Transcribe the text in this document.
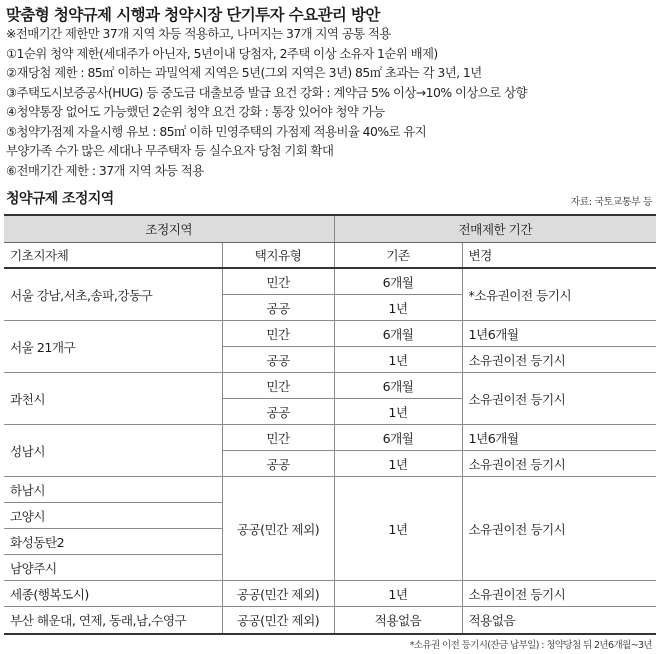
맞춤형 청약규제 시행과 청약시장 단기투자 수요관리 방안
※전매기간 제한만 37개 지역 차등 적용하고, 나머지는 37개 지역 공통 적용
①1순위 청약 제한(세대주가 아닌자, 5년이내 당첨자, 2주택 이상 소유자 1순위 배제)
②재당첨 제한 : 85㎡ 이하는 과밀억제 지역은 5년(그외 지역은 3년) 85㎡ 초과는 각 3년, 1년
③주택도시보증공사(HUG) 등 중도금 대출보증 발급 요건 강화 : 계약금 5% 이상→10% 이상으로 상향
④청약통장 없어도 가능했던 2순위 청약 요건 강화 : 통장 있어야 청약 가능
⑤청약가점제 자율시행 유보 : 85㎡ 이하 민영주택의 가점제 적용비율 40%로 유지
부양가족 수가 많은 세대나 무주택자 등 실수요자 당첨 기회 확대
⑥전매기간 제한 : 37개 지역 차등 적용
청약규제 조정지역	자료: 국토교통부 등
조정지역		전매제한 기간	
기초지자체	택지유형	기존	변경
서울 강남,서초,송파,강동구	민간	6개월	*소유권이전 등기시
	공공	1년	
서울 21개구	민간	6개월	1년6개월
	공공	1년	소유권이전 등기시
과천시	민간	6개월	소유권이전 등기시
	공공	1년	
성남시	민간	6개월	1년6개월
	공공	1년	소유권이전 등기시
하남시	공공(민간 제외)	1년	소유권이전 등기시
고양시			
화성동탄2			
남양주시			
세종(행복도시)	공공(민간 제외)	1년	소유권이전 등기시
부산 해운대, 연제, 동래,남,수영구	공공(민간 제외)	적용없음	적용없음
*소유권 이전 등기시(잔금 납부일) : 청약당첨 뒤 2년6개월~3년
